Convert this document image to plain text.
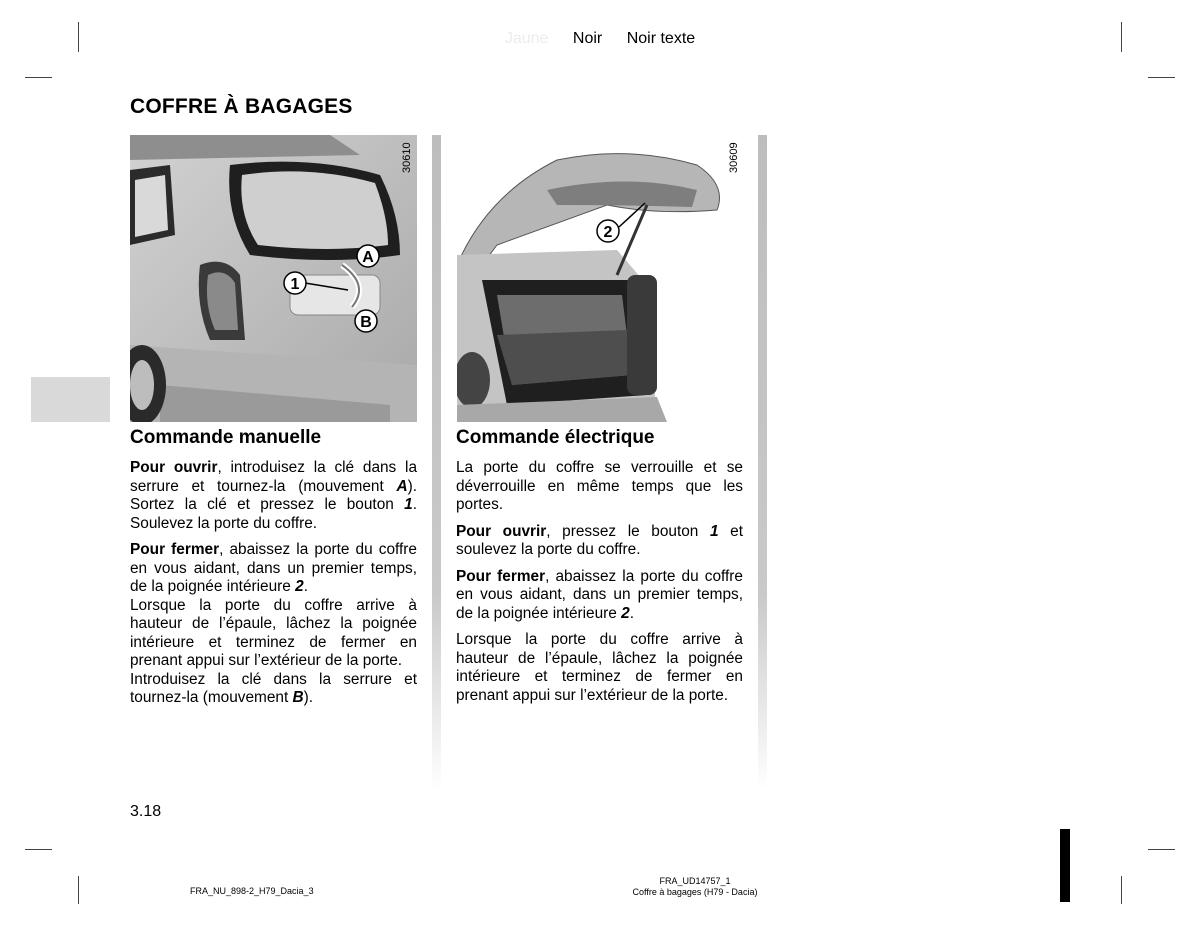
Jaune Noir Noir texte
COFFRE À BAGAGES
1
A
B
30610
2
30609
Commande manuelle

Pour ouvrir, introduisez la clé dans la serrure et tournez-la (mouvement A). Sortez la clé et pressez le bouton 1. Soulevez la porte du coffre.

Pour fermer, abaissez la porte du coffre en vous aidant, dans un premier temps, de la poignée intérieure 2.

Lorsque la porte du coffre arrive à hauteur de l’épaule, lâchez la poignée intérieure et terminez de fermer en prenant appui sur l’extérieur de la porte.

Introduisez la clé dans la serrure et tournez-la (mouvement B).

Commande électrique

La porte du coffre se verrouille et se déverrouille en même temps que les portes.

Pour ouvrir, pressez le bouton 1 et soulevez la porte du coffre.

Pour fermer, abaissez la porte du coffre en vous aidant, dans un premier temps, de la poignée intérieure 2.

Lorsque la porte du coffre arrive à hauteur de l’épaule, lâchez la poignée intérieure et terminez de fermer en prenant appui sur l’extérieur de la porte.

3.18
FRA_NU_898-2_H79_Dacia_3
FRA_UD14757_1
Coffre à bagages (H79 - Dacia)
